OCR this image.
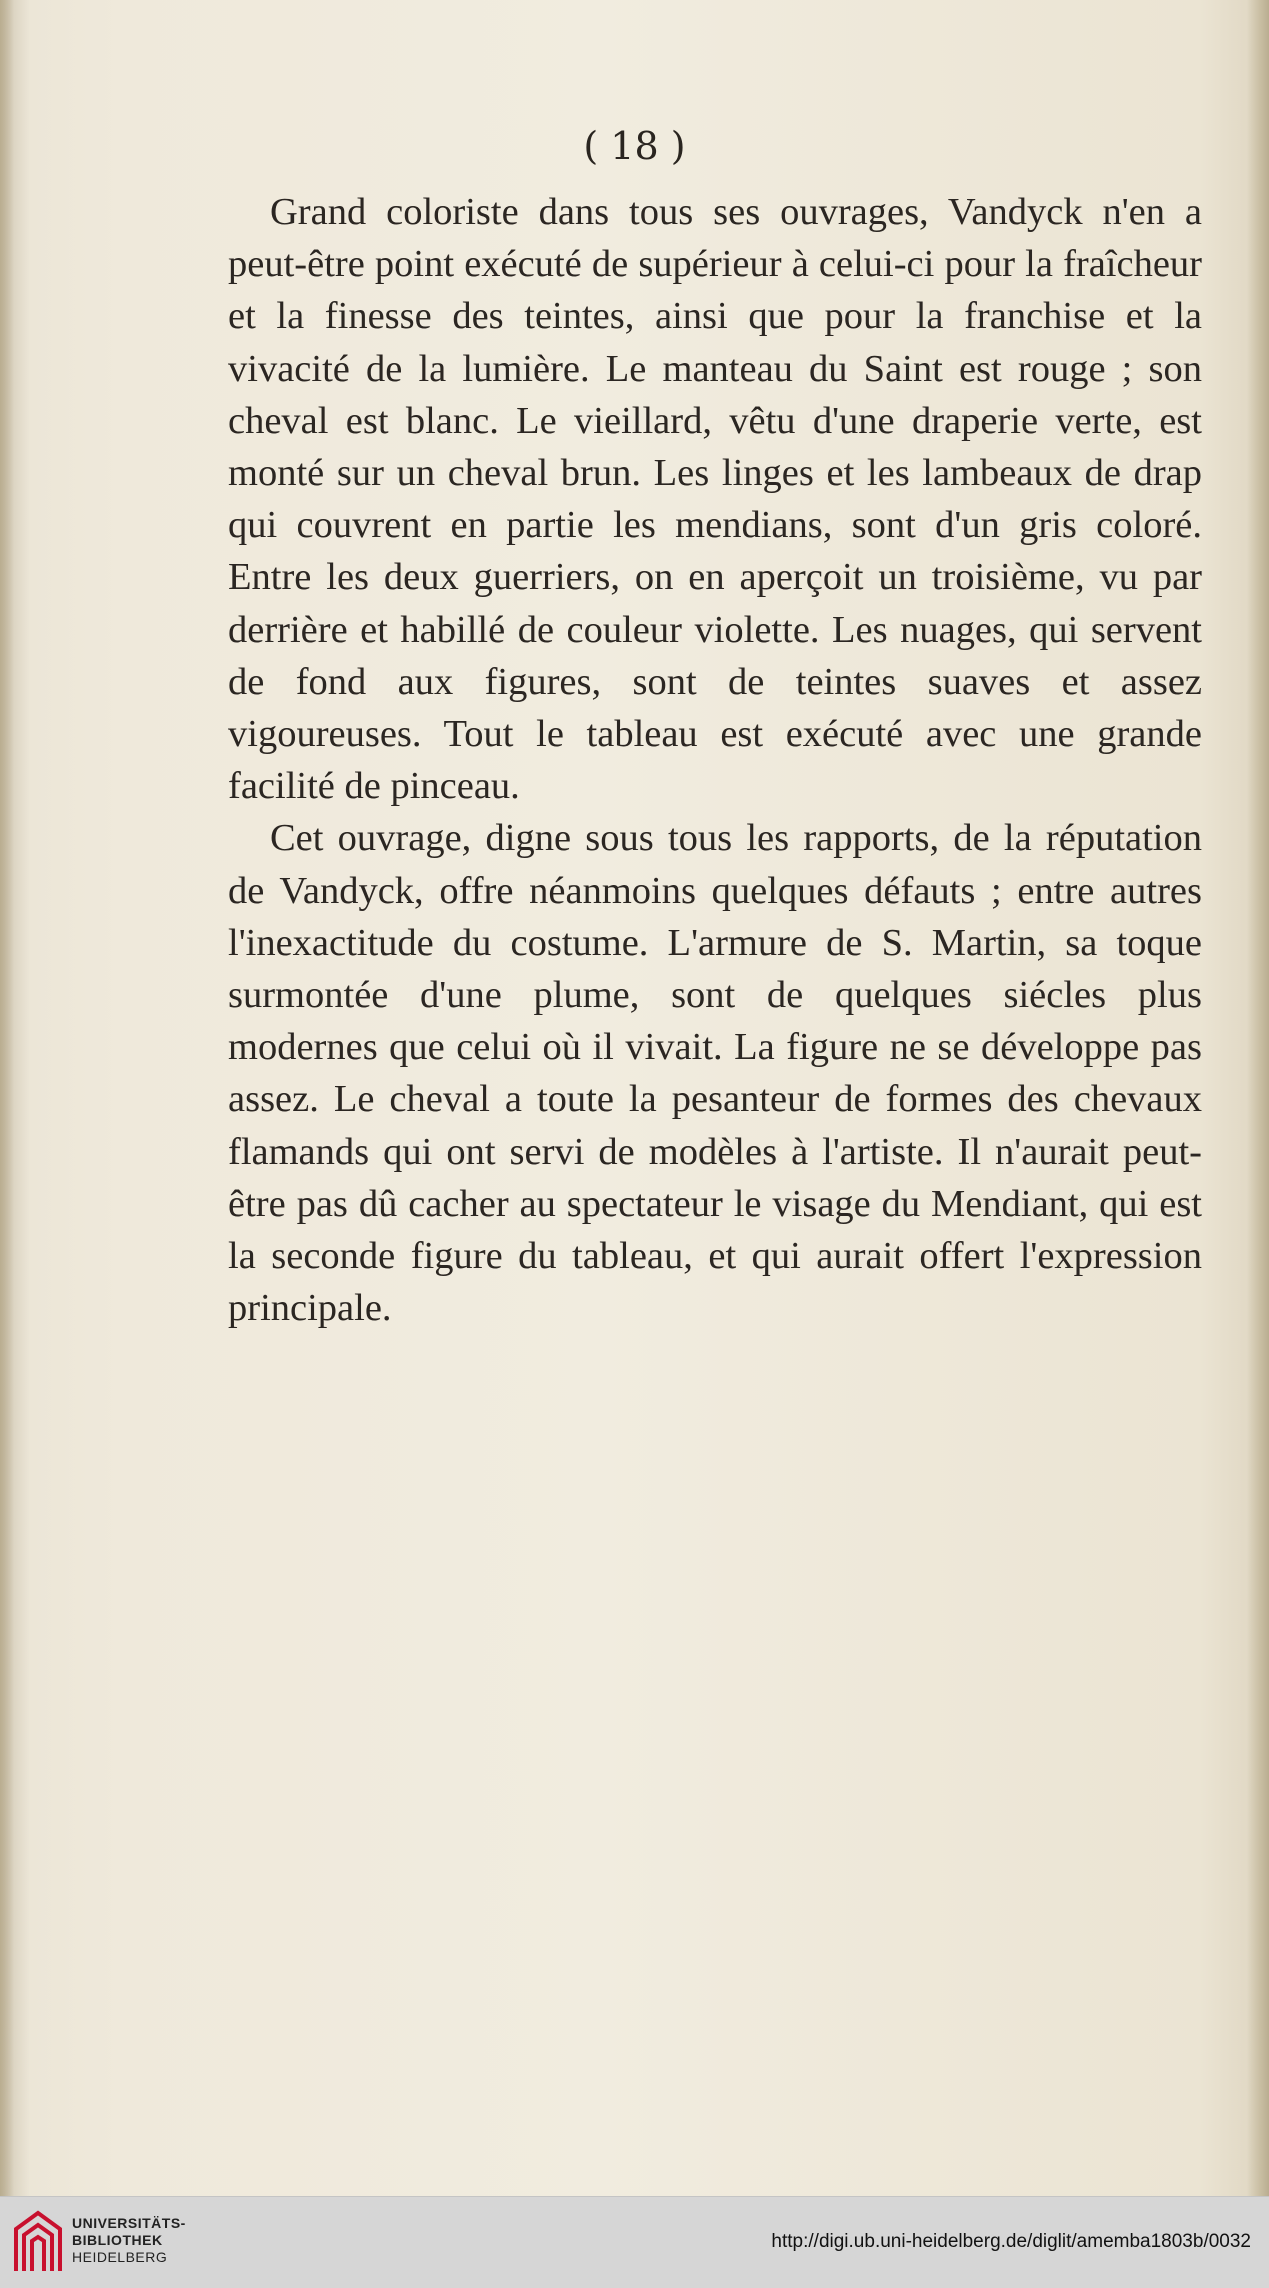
( 18 )

Grand coloriste dans tous ses ouvrages, Vandyck n'en a peut-être point exécuté de supérieur à celui-ci pour la fraîcheur et la finesse des teintes, ainsi que pour la franchise et la vivacité de la lumière. Le manteau du Saint est rouge ; son cheval est blanc. Le vieillard, vêtu d'une draperie verte, est monté sur un cheval brun. Les linges et les lambeaux de drap qui couvrent en partie les mendians, sont d'un gris coloré. Entre les deux guerriers, on en aperçoit un troisième, vu par derrière et habillé de couleur violette. Les nuages, qui servent de fond aux figures, sont de teintes suaves et assez vigoureuses. Tout le tableau est exécuté avec une grande facilité de pinceau.

Cet ouvrage, digne sous tous les rapports, de la réputation de Vandyck, offre néanmoins quelques défauts ; entre autres l'inexactitude du costume. L'armure de S. Martin, sa toque surmontée d'une plume, sont de quelques siécles plus modernes que celui où il vivait. La figure ne se développe pas assez. Le cheval a toute la pesanteur de formes des chevaux flamands qui ont servi de modèles à l'artiste. Il n'aurait peut-être pas dû cacher au spectateur le visage du Mendiant, qui est la seconde figure du tableau, et qui aurait offert l'expression principale.

UNIVERSITÄTS-
BIBLIOTHEK
HEIDELBERG
http://digi.ub.uni-heidelberg.de/diglit/amemba1803b/0032
